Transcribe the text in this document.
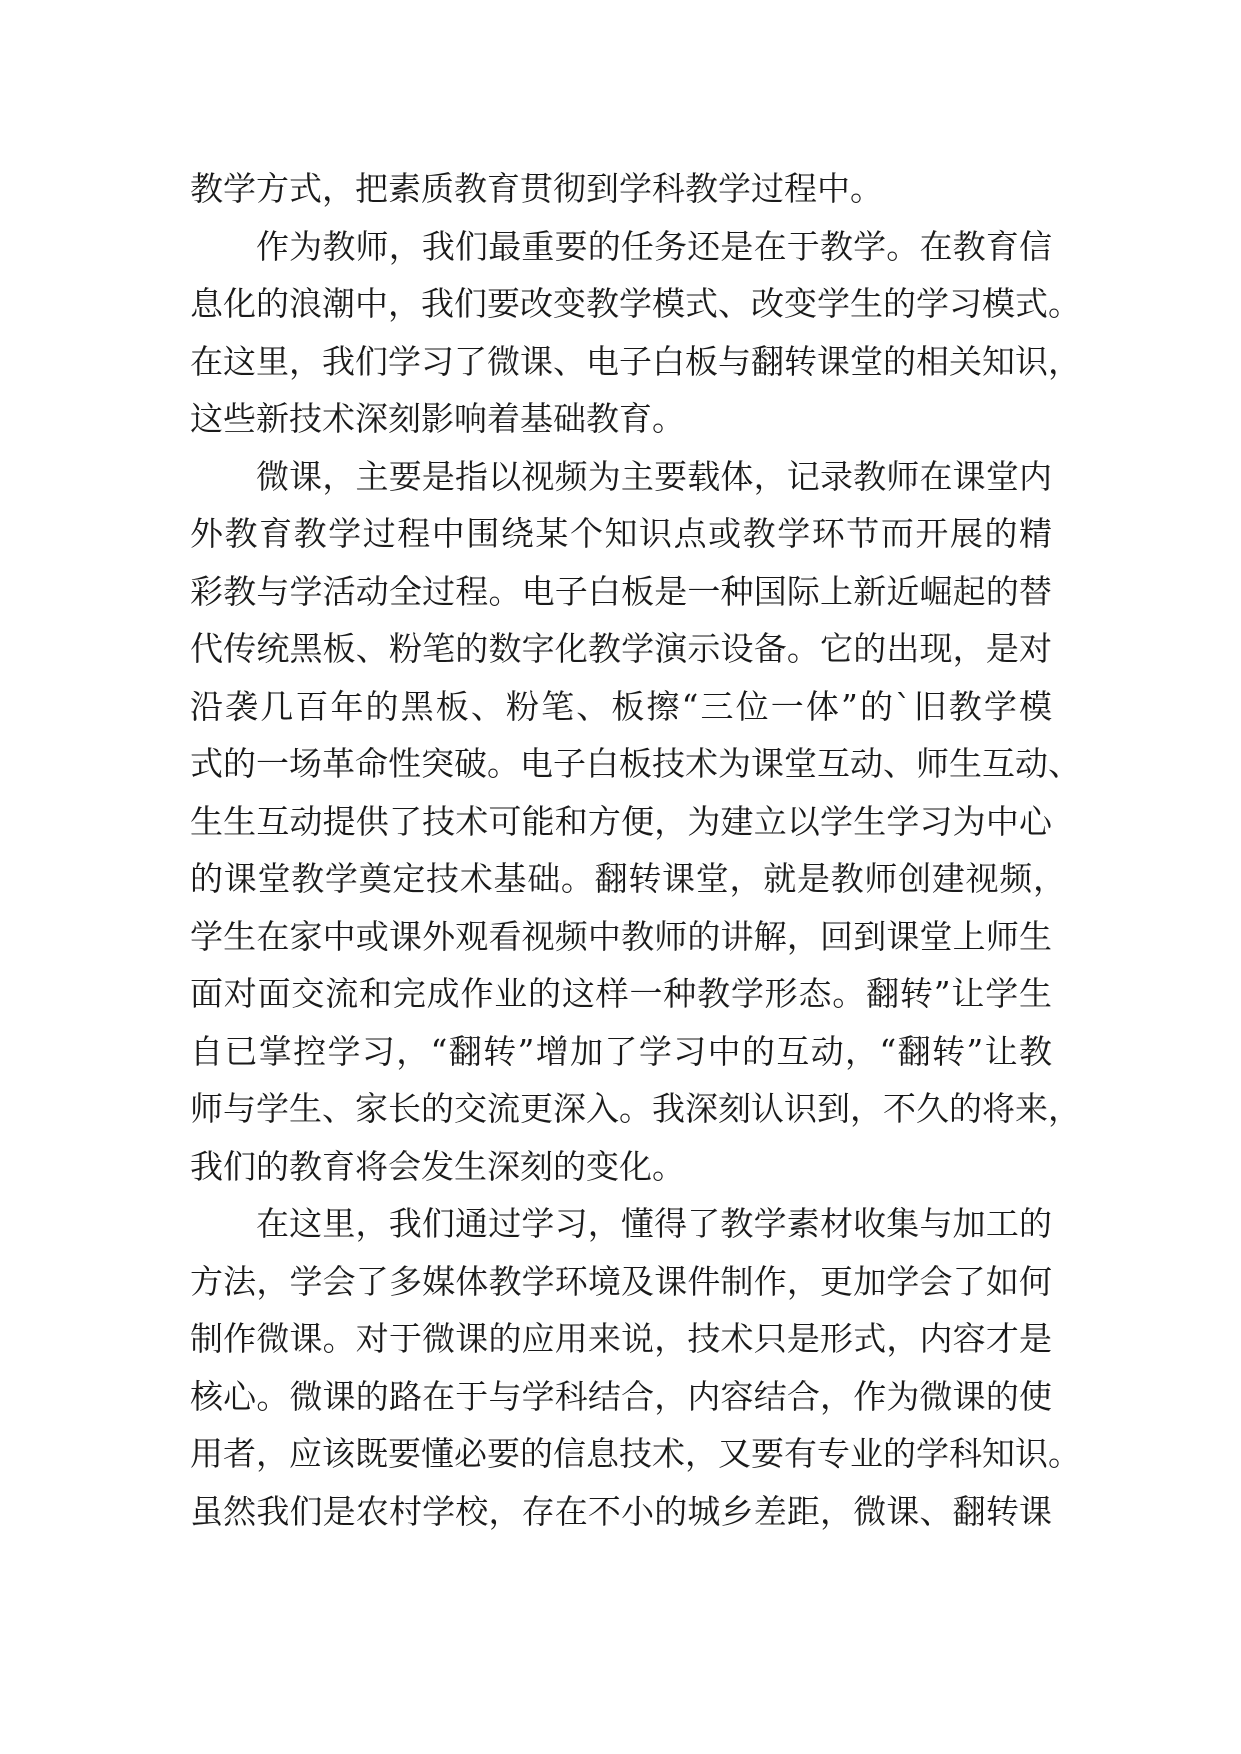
教学方式，把素质教育贯彻到学科教学过程中。
作为教师，我们最重要的任务还是在于教学。在教育信
息化的浪潮中，我们要改变教学模式、改变学生的学习模式。
在这里，我们学习了微课、电子白板与翻转课堂的相关知识，
这些新技术深刻影响着基础教育。
微课，主要是指以视频为主要载体，记录教师在课堂内
外教育教学过程中围绕某个知识点或教学环节而开展的精
彩教与学活动全过程。电子白板是一种国际上新近崛起的替
代传统黑板、粉笔的数字化教学演示设备。它的出现，是对
沿袭几百年的黑板、粉笔、板擦“三位一体”的`旧教学模
式的一场革命性突破。电子白板技术为课堂互动、师生互动、
生生互动提供了技术可能和方便，为建立以学生学习为中心
的课堂教学奠定技术基础。翻转课堂，就是教师创建视频，
学生在家中或课外观看视频中教师的讲解，回到课堂上师生
面对面交流和完成作业的这样一种教学形态。翻转”让学生
自已掌控学习，“翻转”增加了学习中的互动，“翻转”让教
师与学生、家长的交流更深入。我深刻认识到，不久的将来，
我们的教育将会发生深刻的变化。
在这里，我们通过学习，懂得了教学素材收集与加工的
方法，学会了多媒体教学环境及课件制作，更加学会了如何
制作微课。对于微课的应用来说，技术只是形式，内容才是
核心。微课的路在于与学科结合，内容结合，作为微课的使
用者，应该既要懂必要的信息技术，又要有专业的学科知识。
虽然我们是农村学校，存在不小的城乡差距，微课、翻转课
